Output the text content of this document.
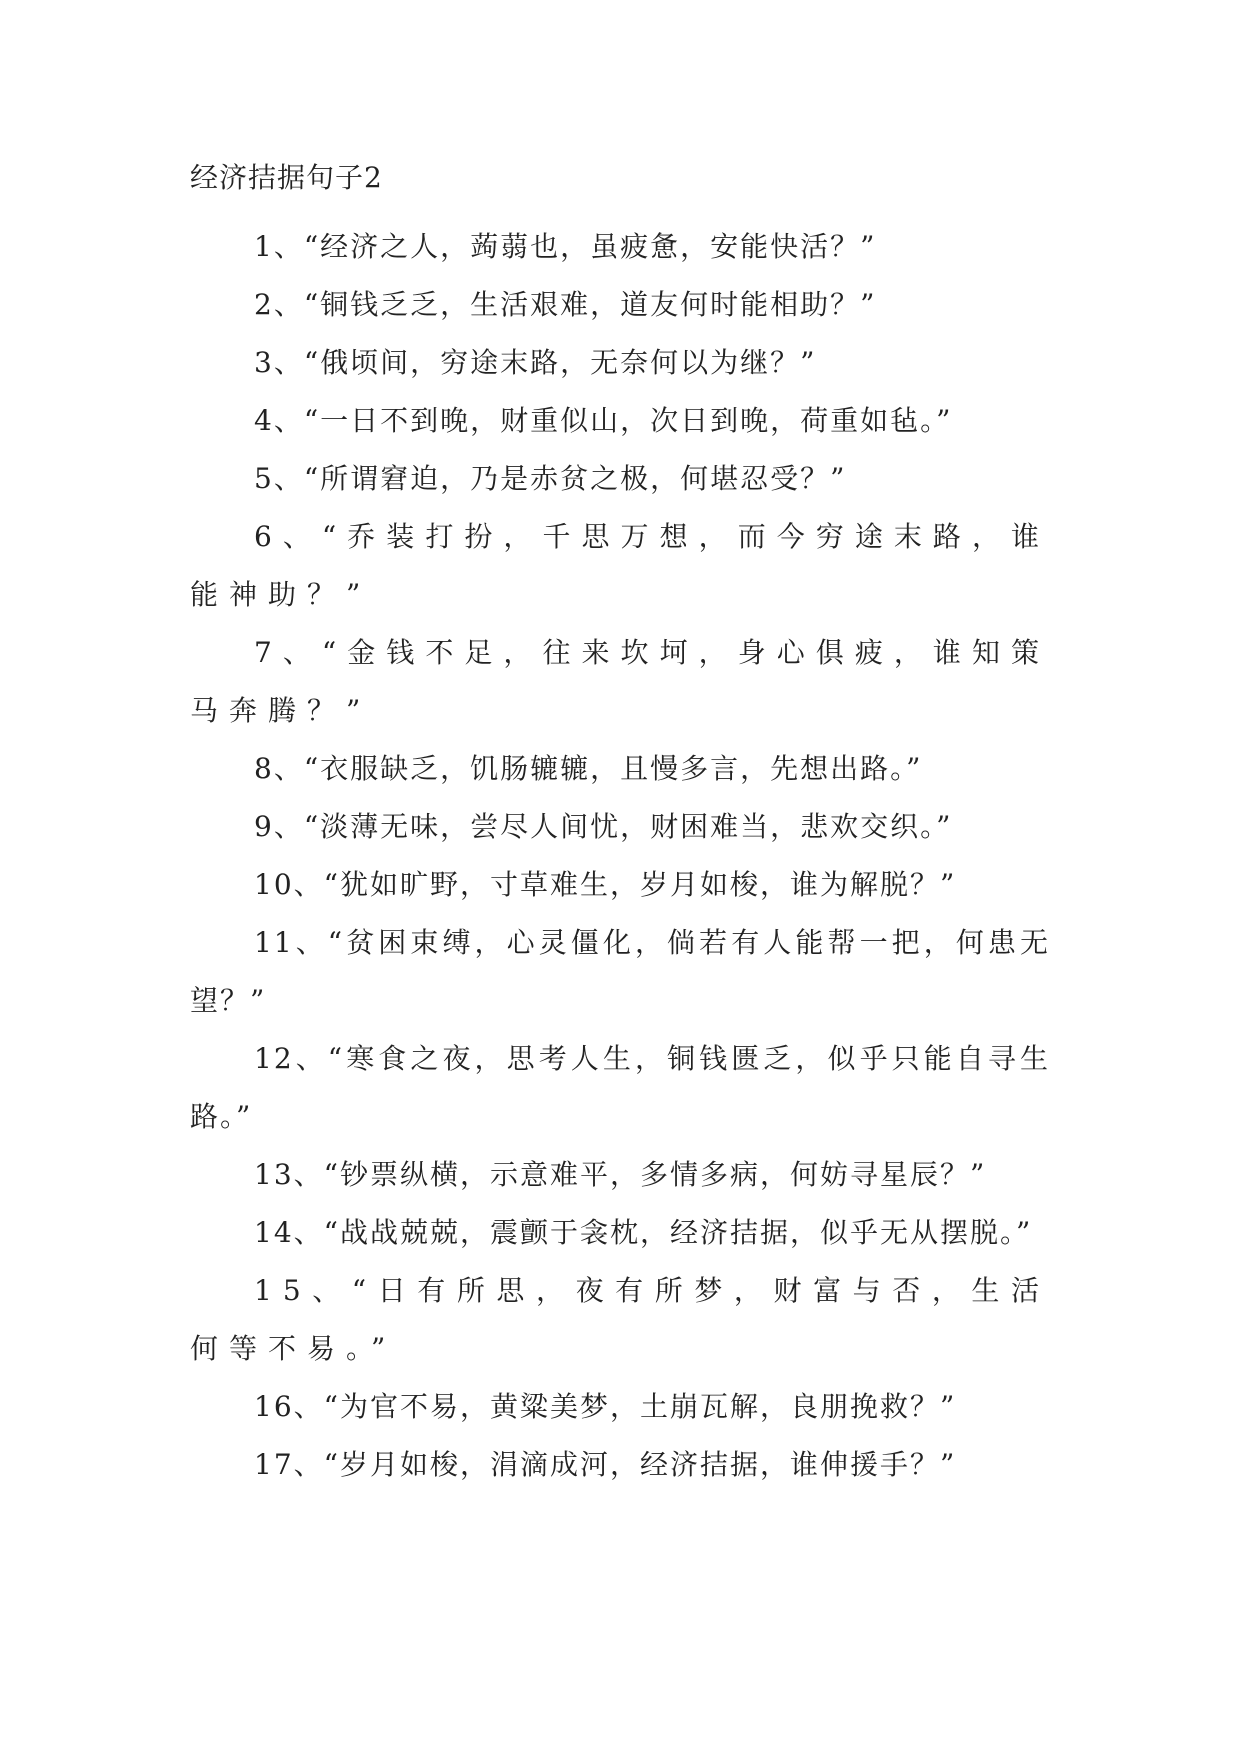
经济拮据句子2

1、“经济之人，蒟蒻也，虽疲惫，安能快活？”

2、“铜钱乏乏，生活艰难，道友何时能相助？”

3、“俄顷间，穷途末路，无奈何以为继？”

4、“一日不到晚，财重似山，次日到晚，荷重如毡。”

5、“所谓窘迫，乃是赤贫之极，何堪忍受？”

6、“乔装打扮，千思万想，而今穷途末路，谁能神助？”

7、“金钱不足，往来坎坷，身心俱疲，谁知策马奔腾？”

8、“衣服缺乏，饥肠辘辘，且慢多言，先想出路。”

9、“淡薄无味，尝尽人间忧，财困难当，悲欢交织。”

10、“犹如旷野，寸草难生，岁月如梭，谁为解脱？”

11、“贫困束缚，心灵僵化，倘若有人能帮一把，何患无望？”

12、“寒食之夜，思考人生，铜钱匮乏，似乎只能自寻生路。”

13、“钞票纵横，示意难平，多情多病，何妨寻星辰？”

14、“战战兢兢，震颤于衾枕，经济拮据，似乎无从摆脱。”

15、“日有所思，夜有所梦，财富与否，生活何等不易。”

16、“为官不易，黄粱美梦，土崩瓦解，良朋挽救？”

17、“岁月如梭，涓滴成河，经济拮据，谁伸援手？”
